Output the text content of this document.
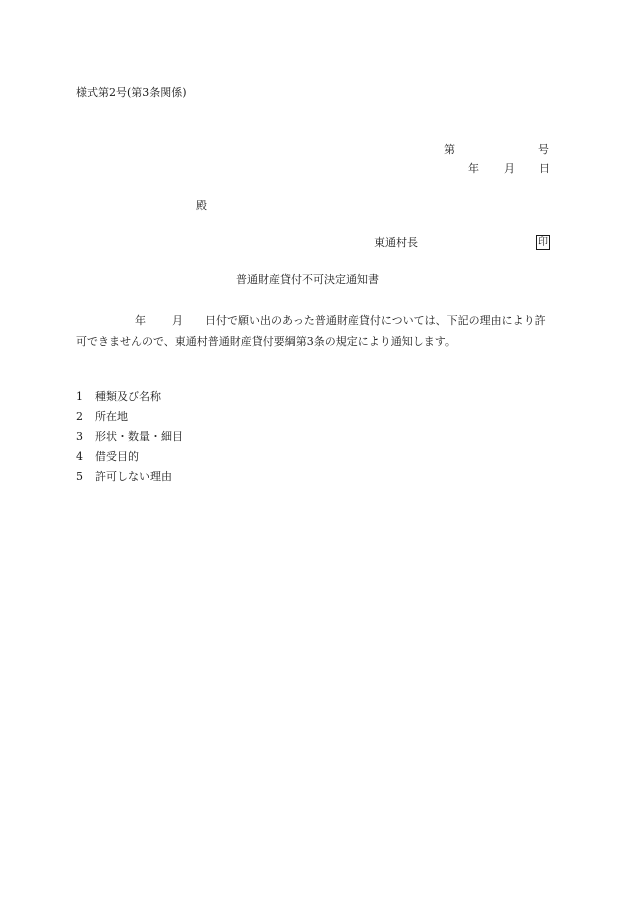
様式第2号(第3条関係)
第	号
年 月 日
殿
東通村長	印
普通財産貸付不可決定通知書
年 月 日付で願い出のあった普通財産貸付については、下記の理由により許可できませんので、東通村普通財産貸付要綱第3条の規定により通知します。
1 種類及び名称
2 所在地
3 形状・数量・細目
4 借受目的
5 許可しない理由
